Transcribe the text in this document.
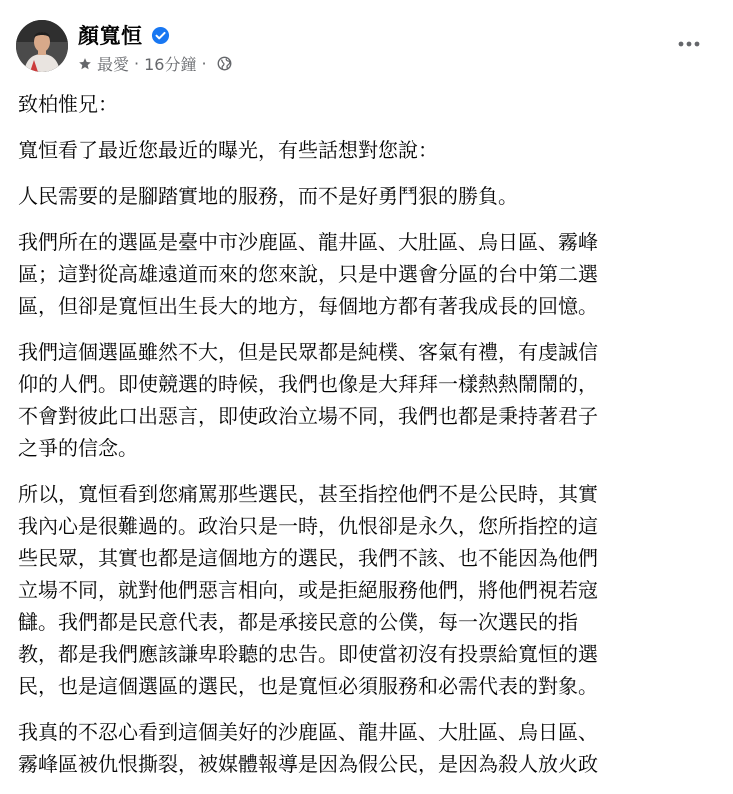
顏寬恒
最愛 · 16分鐘 ·

致柏惟兄：

寬恒看了最近您最近的曝光，有些話想對您說：

人民需要的是腳踏實地的服務，而不是好勇鬥狠的勝負。

我們所在的選區是臺中市沙鹿區、龍井區、大肚區、烏日區、霧峰
區；這對從高雄遠道而來的您來說，只是中選會分區的台中第二選
區，但卻是寬恒出生長大的地方，每個地方都有著我成長的回憶。

我們這個選區雖然不大，但是民眾都是純樸、客氣有禮，有虔誠信
仰的人們。即使競選的時候，我們也像是大拜拜一樣熱熱鬧鬧的，
不會對彼此口出惡言，即使政治立場不同，我們也都是秉持著君子
之爭的信念。

所以，寬恒看到您痛罵那些選民，甚至指控他們不是公民時，其實
我內心是很難過的。政治只是一時，仇恨卻是永久，您所指控的這
些民眾，其實也都是這個地方的選民，我們不該、也不能因為他們
立場不同，就對他們惡言相向，或是拒絕服務他們，將他們視若寇
讎。我們都是民意代表，都是承接民意的公僕，每一次選民的指
教，都是我們應該謙卑聆聽的忠告。即使當初沒有投票給寬恒的選
民，也是這個選區的選民，也是寬恒必須服務和必需代表的對象。

我真的不忍心看到這個美好的沙鹿區、龍井區、大肚區、烏日區、
霧峰區被仇恨撕裂，被媒體報導是因為假公民，是因為殺人放火政
